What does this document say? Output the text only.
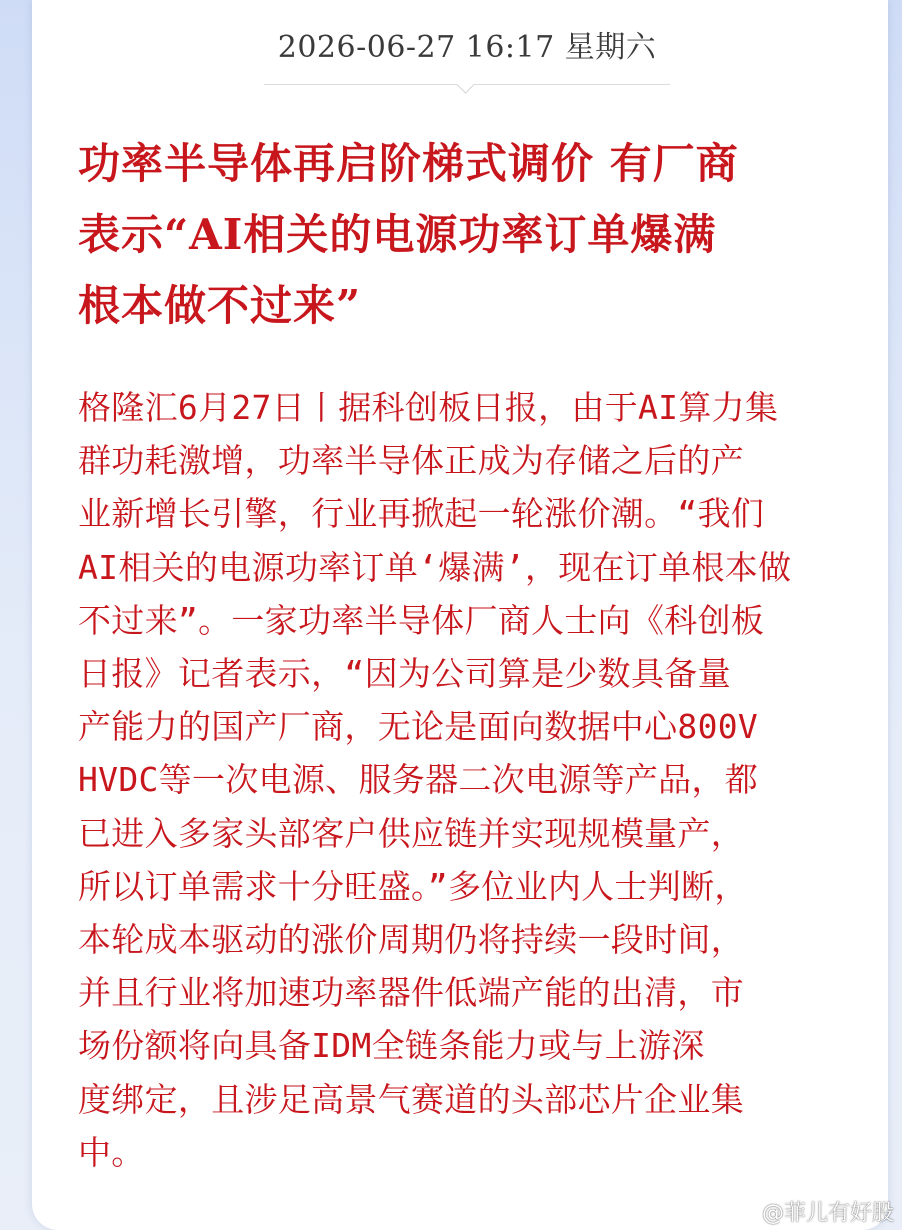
2026-06-27 16:17 星期六
功率半导体再启阶梯式调价 有厂商
表示“AI相关的电源功率订单爆满
根本做不过来”
格隆汇6月27日丨据科创板日报，由于AI算力集
群功耗激增，功率半导体正成为存储之后的产
业新增长引擎，行业再掀起一轮涨价潮。“我们
AI相关的电源功率订单‘爆满’，现在订单根本做
不过来”。一家功率半导体厂商人士向《科创板
日报》记者表示，“因为公司算是少数具备量
产能力的国产厂商，无论是面向数据中心800V
HVDC等一次电源、服务器二次电源等产品，都
已进入多家头部客户供应链并实现规模量产，
所以订单需求十分旺盛。”多位业内人士判断，
本轮成本驱动的涨价周期仍将持续一段时间，
并且行业将加速功率器件低端产能的出清，市
场份额将向具备IDM全链条能力或与上游深
度绑定，且涉足高景气赛道的头部芯片企业集
中。
@菲儿有好股
